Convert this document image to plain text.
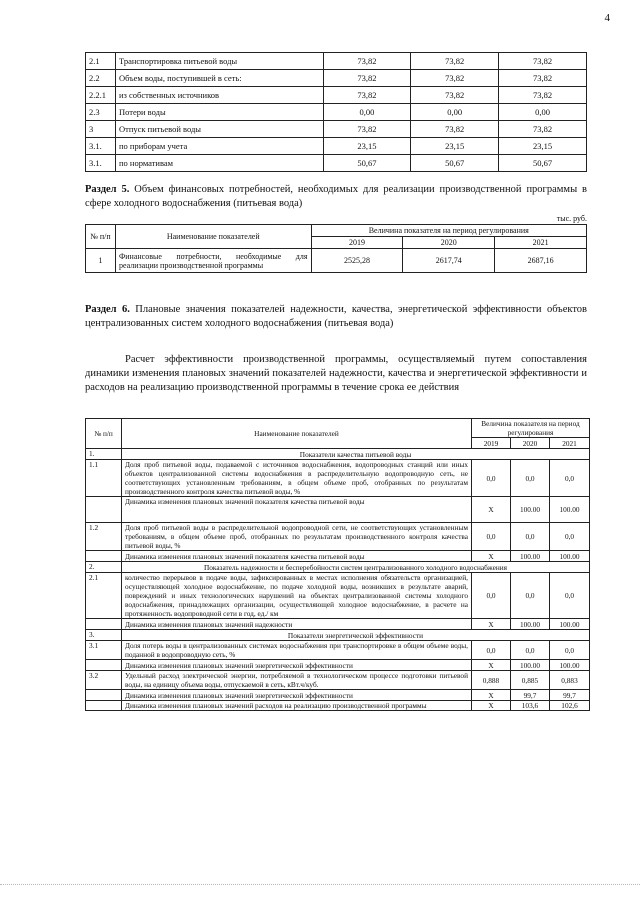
4
2.1	Транспортировка питьевой воды	73,82	73,82	73,82
2.2	Объем воды, поступившей в сеть:	73,82	73,82	73,82
2.2.1	из собственных источников	73,82	73,82	73,82
2.3	Потери воды	0,00	0,00	0,00
3	Отпуск питьевой воды	73,82	73,82	73,82
3.1.	по приборам учета	23,15	23,15	23,15
3.1.	по нормативам	50,67	50,67	50,67
Раздел 5. Объем финансовых потребностей, необходимых для реализации производственной программы в сфере холодного водоснабжения (питьевая вода)
тыс. руб.
№ п/п	Наименование показателей	Величина показателя на период регулирования		
		2019	2020	2021
1	Финансовые потребности, необходимые для реализации производственной программы	2525,28	2617,74	2687,16
Раздел 6. Плановые значения показателей надежности, качества, энергетической эффективности объектов централизованных систем холодного водоснабжения (питьевая вода)
Расчет эффективности производственной программы, осуществляемый путем сопоставления динамики изменения плановых значений показателей надежности, качества и энергетической эффективности и расходов на реализацию производственной программы в течение срока ее действия
№ п/п	Наименование показателей	Величина показателя на период регулирования		
		2019	2020	2021
1.	Показатели качества питьевой воды			
1.1	Доля проб питьевой воды, подаваемой с источников водоснабжения, водопроводных станций или иных объектов централизованной системы водоснабжения в распределительную водопроводную сеть, не соответствующих установленным требованиям, в общем объеме проб, отобранных по результатам производственного контроля качества питьевой воды, %	0,0	0,0	0,0
	Динамика изменения плановых значений показателя качества питьевой воды	X	100.00	100.00
1.2	Доля проб питьевой воды в распределительной водопроводной сети, не соответствующих установленным требованиям, в общем объеме проб, отобранных по результатам производственного контроля качества питьевой воды, %	0,0	0,0	0,0
	Динамика изменения плановых значений показателя качества питьевой воды	X	100.00	100.00
2.	Показатель надежности и бесперебойности систем централизованного холодного водоснабжения			
2.1	количество перерывов в подаче воды, зафиксированных в местах исполнения обязательств организацией, осуществляющей холодное водоснабжение, по подаче холодной воды, возникших в результате аварий, повреждений и иных технологических нарушений на объектах централизованной системы холодного водоснабжения, принадлежащих организации, осуществляющей холодное водоснабжение, в расчете на протяженность водопроводной сети в год, ед./ км	0,0	0,0	0,0
	Динамика изменения плановых значений надежности	X	100.00	100.00
3.	Показатели энергетической эффективности			
3.1	Доля потерь воды в централизованных системах водоснабжения при транспортировке в общем объеме воды, поданной в водопроводную сеть, %	0,0	0,0	0,0
	Динамика изменения плановых значений энергетической эффективности	X	100.00	100.00
3.2	Удельный расход электрической энергии, потребляемой в технологическом процессе подготовки питьевой воды, на единицу объема воды, отпускаемой в сеть, кВт.ч/куб.	0,888	0,885	0,883
	Динамика изменения плановых значений энергетической эффективности	X	99,7	99,7
	Динамика изменения плановых значений расходов на реализацию производственной программы	X	103,6	102,6
